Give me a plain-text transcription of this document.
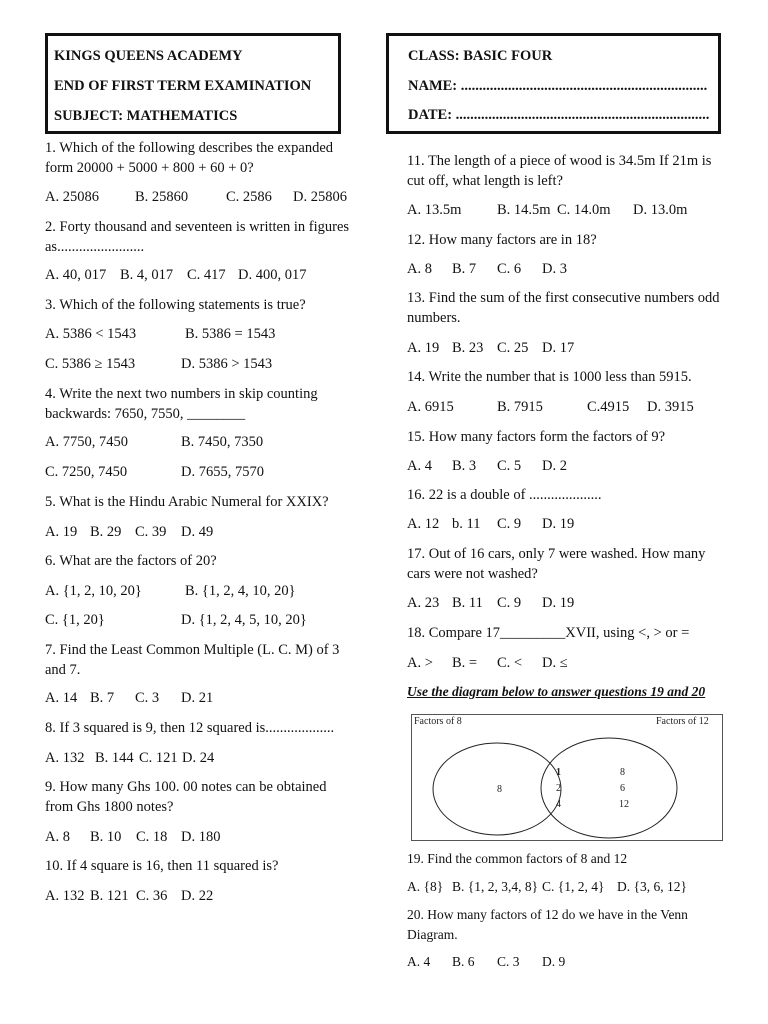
KINGS QUEENS ACADEMY
END OF FIRST TERM EXAMINATION
SUBJECT: MATHEMATICS
CLASS: BASIC FOUR
NAME: ....................................................................
DATE: ......................................................................
1. Which of the following describes the expanded form 20000 + 5000 + 800 + 60 + 0?
A. 25086 B. 25860	C. 2586 D. 25806
2. Forty thousand and seventeen is written in figures as........................
A. 40, 017 B. 4, 017 C. 417 D. 400, 017
3. Which of the following statements is true?
A. 5386 < 1543	B. 5386 = 1543
C. 5386 ≥ 1543	D. 5386 > 1543
4. Write the next two numbers in skip counting backwards: 7650, 7550, ________
A. 7750, 7450	B. 7450, 7350
C. 7250, 7450	D. 7655, 7570
5. What is the Hindu Arabic Numeral for XXIX?
A. 19 B. 29 C. 39 D. 49
6. What are the factors of 20?
A. {1, 2, 10, 20}	B. {1, 2, 4, 10, 20}
C. {1, 20}	D. {1, 2, 4, 5, 10, 20}
7. Find the Least Common Multiple (L. C. M) of 3 and 7.
A. 14 B. 7 C. 3 D. 21
8. If 3 squared is 9, then 12 squared is...................
A. 132 B. 144 C. 121 D. 24
9. How many Ghs 100. 00 notes can be obtained from Ghs 1800 notes?
A. 8 B. 10 C. 18 D. 180
10. If 4 square is 16, then 11 squared is?
A. 132 B. 121 C. 36 D. 22
11. The length of a piece of wood is 34.5m If 21m is cut off, what length is left?
A. 13.5m B. 14.5m C. 14.0m D. 13.0m
12. How many factors are in 18?
A. 8 B. 7 C. 6 D. 3
13. Find the sum of the first consecutive numbers odd numbers.
A. 19 B. 23 C. 25 D. 17
14. Write the number that is 1000 less than 5915.
A. 6915	B. 7915	C.4915 D. 3915
15. How many factors form the factors of 9?
A. 4 B. 3 C. 5 D. 2
16. 22 is a double of ....................
A. 12 b. 11 C. 9 D. 19
17. Out of 16 cars, only 7 were washed. How many cars were not washed?
A. 23 B. 11 C. 9 D. 19
18. Compare 17_________XVII, using <, > or =
A. > B. = C. < D. ≤
Use the diagram below to answer questions 19 and 20
Factors of 8	Factors of 12
8
1
2
4
8
6
12
19. Find the common factors of 8 and 12
A. {8} B. {1, 2, 3,4, 8} C. {1, 2, 4} D. {3, 6, 12}
20. How many factors of 12 do we have in the Venn Diagram.
A. 4 B. 6 C. 3 D. 9
